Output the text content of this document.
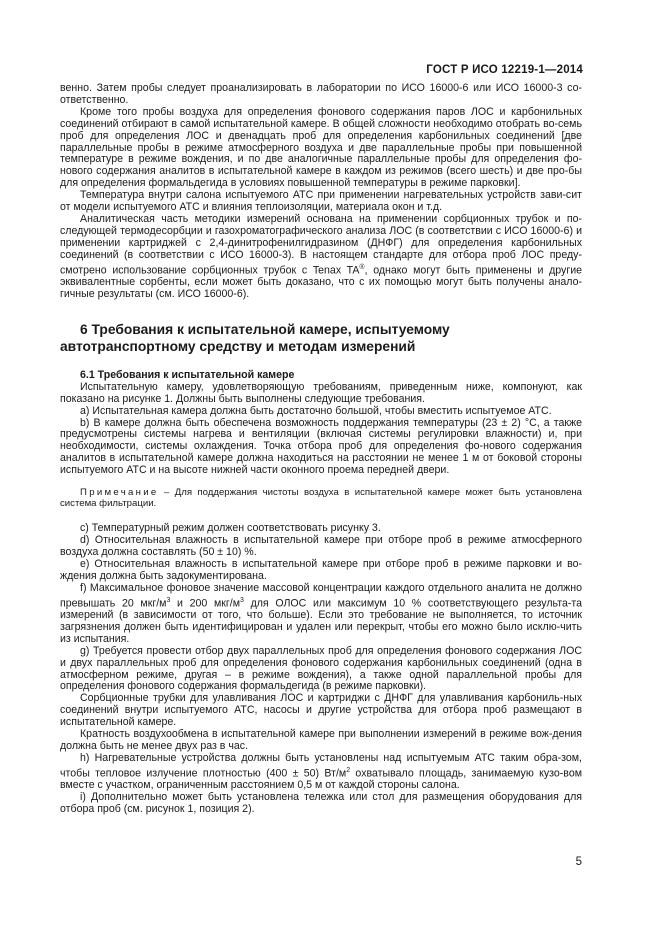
ГОСТ Р ИСО 12219-1—2014

венно. Затем пробы следует проанализировать в лаборатории по ИСО 16000-6 или ИСО 16000-3 со-ответственно.

Кроме того пробы воздуха для определения фонового содержания паров ЛОС и карбонильных соединений отбирают в самой испытательной камере. В общей сложности необходимо отобрать во-семь проб для определения ЛОС и двенадцать проб для определения карбонильных соединений [две параллельные пробы в режиме атмосферного воздуха и две параллельные пробы при повышенной температуре в режиме вождения, и по две аналогичные параллельные пробы для определения фо-нового содержания аналитов в испытательной камере в каждом из режимов (всего шесть) и две про-бы для определения формальдегида в условиях повышенной температуры в режиме парковки].

Температура внутри салона испытуемого АТС при применении нагревательных устройств зави-сит от модели испытуемого АТС и влияния теплоизоляции, материала окон и т.д.

Аналитическая часть методики измерений основана на применении сорбционных трубок и по-следующей термодесорбции и газохроматографического анализа ЛОС (в соответствии с ИСО 16000-6) и применении картриджей с 2,4-динитрофенилгидразином (ДНФГ) для определения карбонильных соединений (в соответствии с ИСО 16000-3). В настоящем стандарте для отбора проб ЛОС преду-смотрено использование сорбционных трубок с Tenax TA®, однако могут быть применены и другие эквивалентные сорбенты, если может быть доказано, что с их помощью могут быть получены анало-гичные результаты (см. ИСО 16000-6).

6 Требования к испытательной камере, испытуемому автотранспортному средству и методам измерений
6.1 Требования к испытательной камере

Испытательную камеру, удовлетворяющую требованиям, приведенным ниже, компонуют, как показано на рисунке 1. Должны быть выполнены следующие требования.

a) Испытательная камера должна быть достаточно большой, чтобы вместить испытуемое АТС.

b) В камере должна быть обеспечена возможность поддержания температуры (23 ± 2) °С, а также предусмотрены системы нагрева и вентиляции (включая системы регулировки влажности) и, при необходимости, системы охлаждения. Точка отбора проб для определения фо-нового содержания аналитов в испытательной камере должна находиться на расстоянии не менее 1 м от боковой стороны испытуемого АТС и на высоте нижней части оконного проема передней двери.

Примечание – Для поддержания чистоты воздуха в испытательной камере может быть установлена система фильтрации.

c) Температурный режим должен соответствовать рисунку 3.

d) Относительная влажность в испытательной камере при отборе проб в режиме атмосферного воздуха должна составлять (50 ± 10) %.

e) Относительная влажность в испытательной камере при отборе проб в режиме парковки и во-ждения должна быть задокументирована.

f) Максимальное фоновое значение массовой концентрации каждого отдельного аналита не должно превышать 20 мкг/$м^3$ и 200 мкг/$м^3$ для ОЛОС или максимум 10 % соответствующего результа-та измерений (в зависимости от того, что больше). Если это требование не выполняется, то источник загрязнения должен быть идентифицирован и удален или перекрыт, чтобы его можно было исклю-чить из испытания.

g) Требуется провести отбор двух параллельных проб для определения фонового содержания ЛОС и двух параллельных проб для определения фонового содержания карбонильных соединений (одна в атмосферном режиме, другая – в режиме вождения), а также одной параллельной пробы для определения фонового содержания формальдегида (в режиме парковки).

Сорбционные трубки для улавливания ЛОС и картриджи с ДНФГ для улавливания карбониль-ных соединений внутри испытуемого АТС, насосы и другие устройства для отбора проб размещают в испытательной камере.

Кратность воздухообмена в испытательной камере при выполнении измерений в режиме вож-дения должна быть не менее двух раз в час.

h) Нагревательные устройства должны быть установлены над испытуемым АТС таким обра-зом, чтобы тепловое излучение плотностью (400 ± 50) $Вт/м^2$ охватывало площадь, занимаемую кузо-вом вместе с участком, ограниченным расстоянием 0,5 м от каждой стороны салона.

i) Дополнительно может быть установлена тележка или стол для размещения оборудования для отбора проб (см. рисунок 1, позиция 2).

5
